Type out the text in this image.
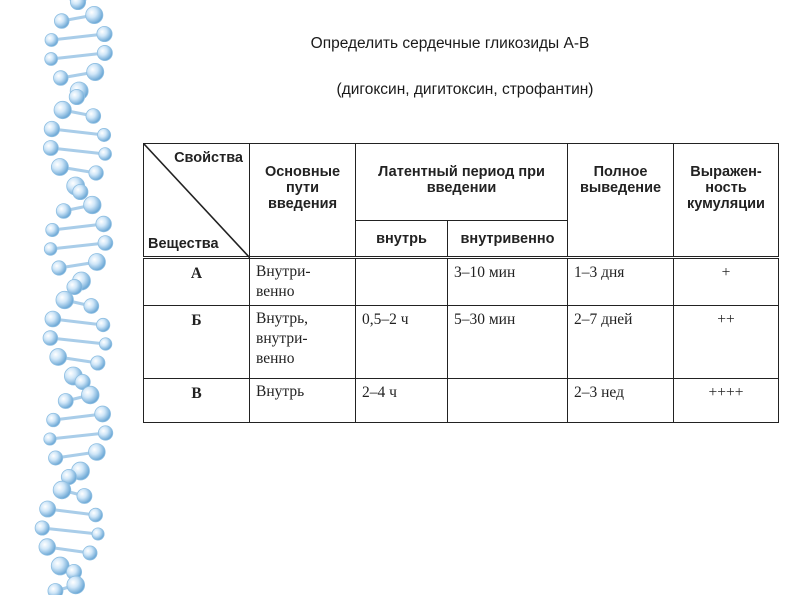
Определить сердечные гликозиды А-В
(дигоксин, дигитоксин, строфантин)
Свойства
Вещества	Основные пути введения	Латентный период при введении		Полное выведение	Выражен-ность кумуляции
		внутрь	внутривенно		
А	Внутри-
венно		3–10 мин	1–3 дня	+
Б	Внутрь,
внутри-
венно	0,5–2 ч	5–30 мин	2–7 дней	++
В	Внутрь	2–4 ч		2–3 нед	++++
